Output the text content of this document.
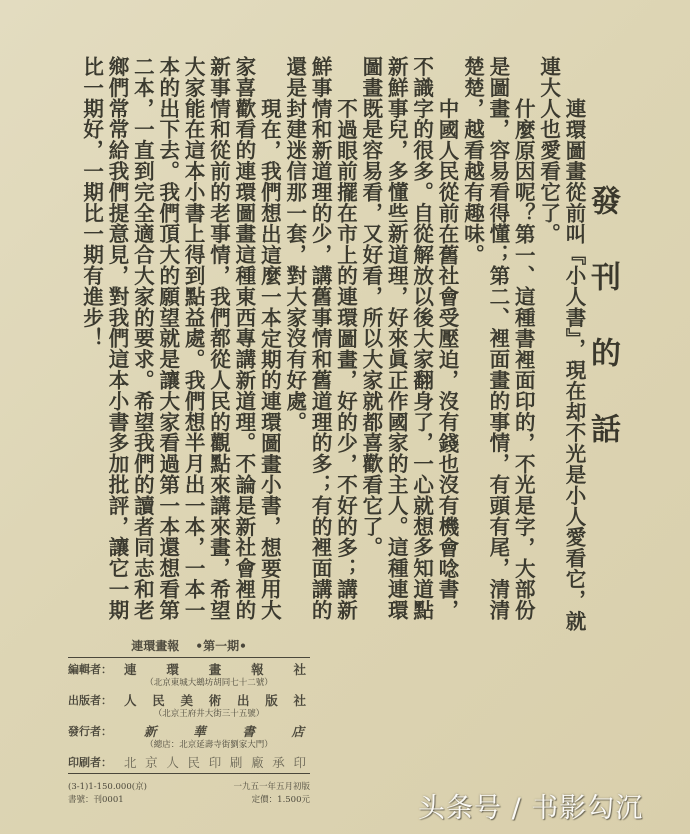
發刊的話
連環圖畫從前叫『小人書』，現在却不光是小人愛看它，就
連大人也愛看它了。
什麼原因呢？第一、這種書裡面印的，不光是字，大部份
是圖畫，容易看得懂；第二、裡面畫的事情，有頭有尾，清清
楚楚，越看越有趣味。
中國人民從前在舊社會受壓迫，沒有錢也沒有機會唸書，
不識字的很多。自從解放以後大家翻身了，一心就想多知道點
新鮮事兒，多懂些新道理，好來眞正作國家的主人。這種連環
圖畫既是容易看，又好看，所以大家就都喜歡看它了。
不過眼前擺在市上的連環圖畫，好的少，不好的多；講新
鮮事情和新道理的少，講舊事情和舊道理的多；有的裡面講的
還是封建迷信那一套，對大家沒有好處。
現在，我們想出這麼一本定期的連環圖畫小書，想要用大
家喜歡看的連環圖畫這種東西專講新道理。不論是新社會裡的
新事情和從前的老事情，我們都從人民的觀點來講來畫，希望
大家能在這本小書上得到點益處。我們想半月出一本，一本一
本的出下去。我們頂大的願望就是讓大家看過第一本還想看第
二本，一直到完全適合大家的要求。希望我們的讀者同志和老
鄉們常常給我們提意見，對我們這本小書多加批評，讓它一期
比一期好，一期比一期有進步！
連環畫報 •第一期•
編輯者： 連環畫報社
（北京東城大鷀坊胡同七十二號）
出版者： 人民美術出版社
（北京王府井大街三十五號）
發行者：	新華書店
（總店：北京延壽寺街劉家大門）
印刷者： 北京人民印刷廠承印
(3-1)1-150.000(京)
書號：刊0001
一九五一年五月初版
定價：1.500元	头条号 / 书影勾沉
